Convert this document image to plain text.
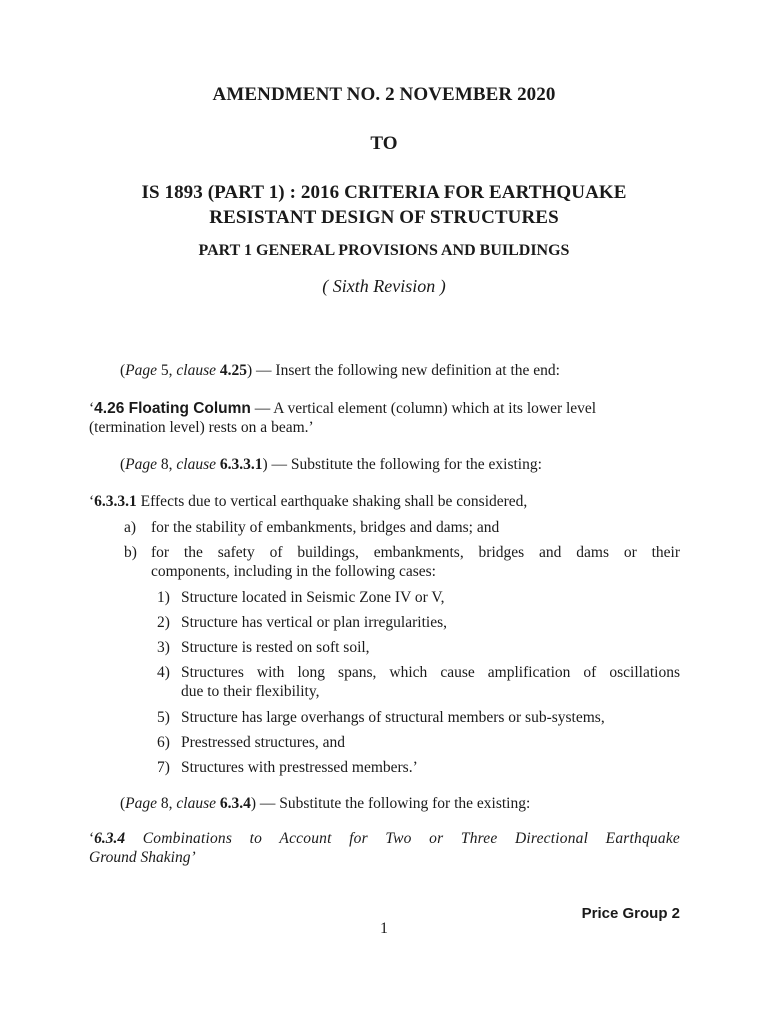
AMENDMENT NO. 2 NOVEMBER 2020
TO
IS 1893 (PART 1) : 2016 CRITERIA FOR EARTHQUAKE
RESISTANT DESIGN OF STRUCTURES
PART 1 GENERAL PROVISIONS AND BUILDINGS
( Sixth Revision )
(Page 5, clause 4.25) — Insert the following new definition at the end:
‘4.26 Floating Column — A vertical element (column) which at its lower level
(termination level) rests on a beam.’
(Page 8, clause 6.3.3.1) — Substitute the following for the existing:
‘6.3.3.1 Effects due to vertical earthquake shaking shall be considered,
a) for the stability of embankments, bridges and dams; and
b) for the safety of buildings, embankments, bridges and dams or their
components, including in the following cases:
1) Structure located in Seismic Zone IV or V,
2) Structure has vertical or plan irregularities,
3) Structure is rested on soft soil,
4) Structures with long spans, which cause amplification of oscillations
due to their flexibility,
5) Structure has large overhangs of structural members or sub-systems,
6) Prestressed structures, and
7) Structures with prestressed members.’
(Page 8, clause 6.3.4) — Substitute the following for the existing:
‘6.3.4 Combinations to Account for Two or Three Directional Earthquake
Ground Shaking’
Price Group 2
1
